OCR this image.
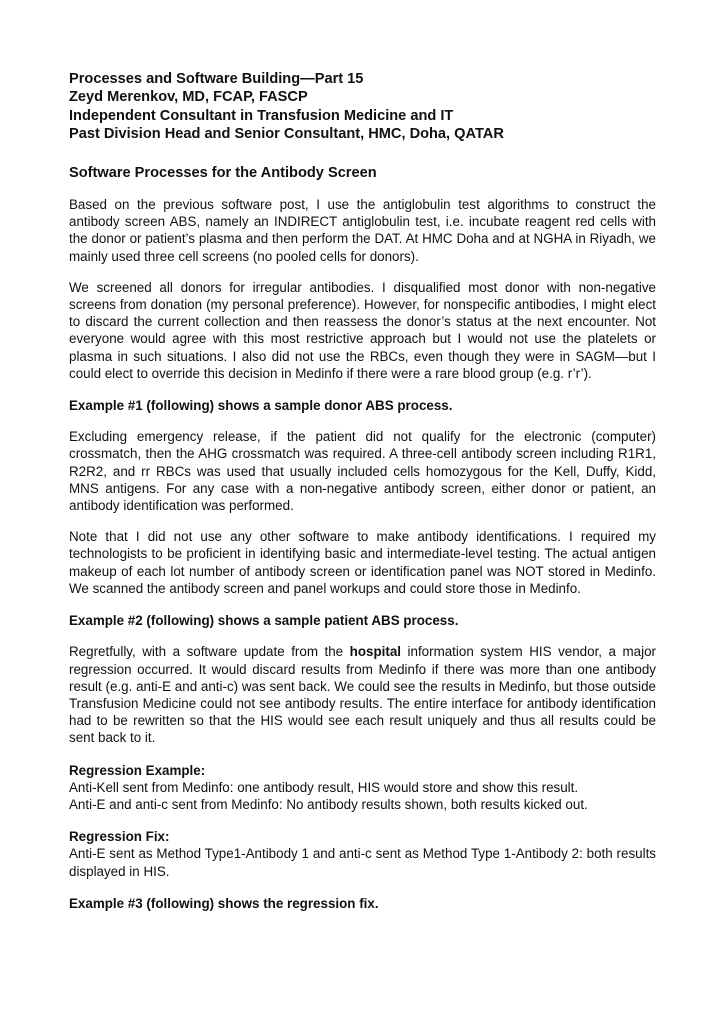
Processes and Software Building—Part 15

Zeyd Merenkov, MD, FCAP, FASCP

Independent Consultant in Transfusion Medicine and IT

Past Division Head and Senior Consultant, HMC, Doha, QATAR

Software Processes for the Antibody Screen

Based on the previous software post, I use the antiglobulin test algorithms to construct the antibody screen ABS, namely an INDIRECT antiglobulin test, i.e. incubate reagent red cells with the donor or patient’s plasma and then perform the DAT. At HMC Doha and at NGHA in Riyadh, we mainly used three cell screens (no pooled cells for donors).

We screened all donors for irregular antibodies. I disqualified most donor with non-negative screens from donation (my personal preference). However, for nonspecific antibodies, I might elect to discard the current collection and then reassess the donor’s status at the next encounter. Not everyone would agree with this most restrictive approach but I would not use the platelets or plasma in such situations. I also did not use the RBCs, even though they were in SAGM—but I could elect to override this decision in Medinfo if there were a rare blood group (e.g. r’r’).

Example #1 (following) shows a sample donor ABS process.

Excluding emergency release, if the patient did not qualify for the electronic (computer) crossmatch, then the AHG crossmatch was required. A three-cell antibody screen including R1R1, R2R2, and rr RBCs was used that usually included cells homozygous for the Kell, Duffy, Kidd, MNS antigens. For any case with a non-negative antibody screen, either donor or patient, an antibody identification was performed.

Note that I did not use any other software to make antibody identifications. I required my technologists to be proficient in identifying basic and intermediate-level testing. The actual antigen makeup of each lot number of antibody screen or identification panel was NOT stored in Medinfo. We scanned the antibody screen and panel workups and could store those in Medinfo.

Example #2 (following) shows a sample patient ABS process.

Regretfully, with a software update from the hospital information system HIS vendor, a major regression occurred. It would discard results from Medinfo if there was more than one antibody result (e.g. anti-E and anti-c) was sent back. We could see the results in Medinfo, but those outside Transfusion Medicine could not see antibody results. The entire interface for antibody identification had to be rewritten so that the HIS would see each result uniquely and thus all results could be sent back to it.

Regression Example:

Anti-Kell sent from Medinfo: one antibody result, HIS would store and show this result.

Anti-E and anti-c sent from Medinfo: No antibody results shown, both results kicked out.

Regression Fix:

Anti-E sent as Method Type1-Antibody 1 and anti-c sent as Method Type 1-Antibody 2: both results displayed in HIS.

Example #3 (following) shows the regression fix.
